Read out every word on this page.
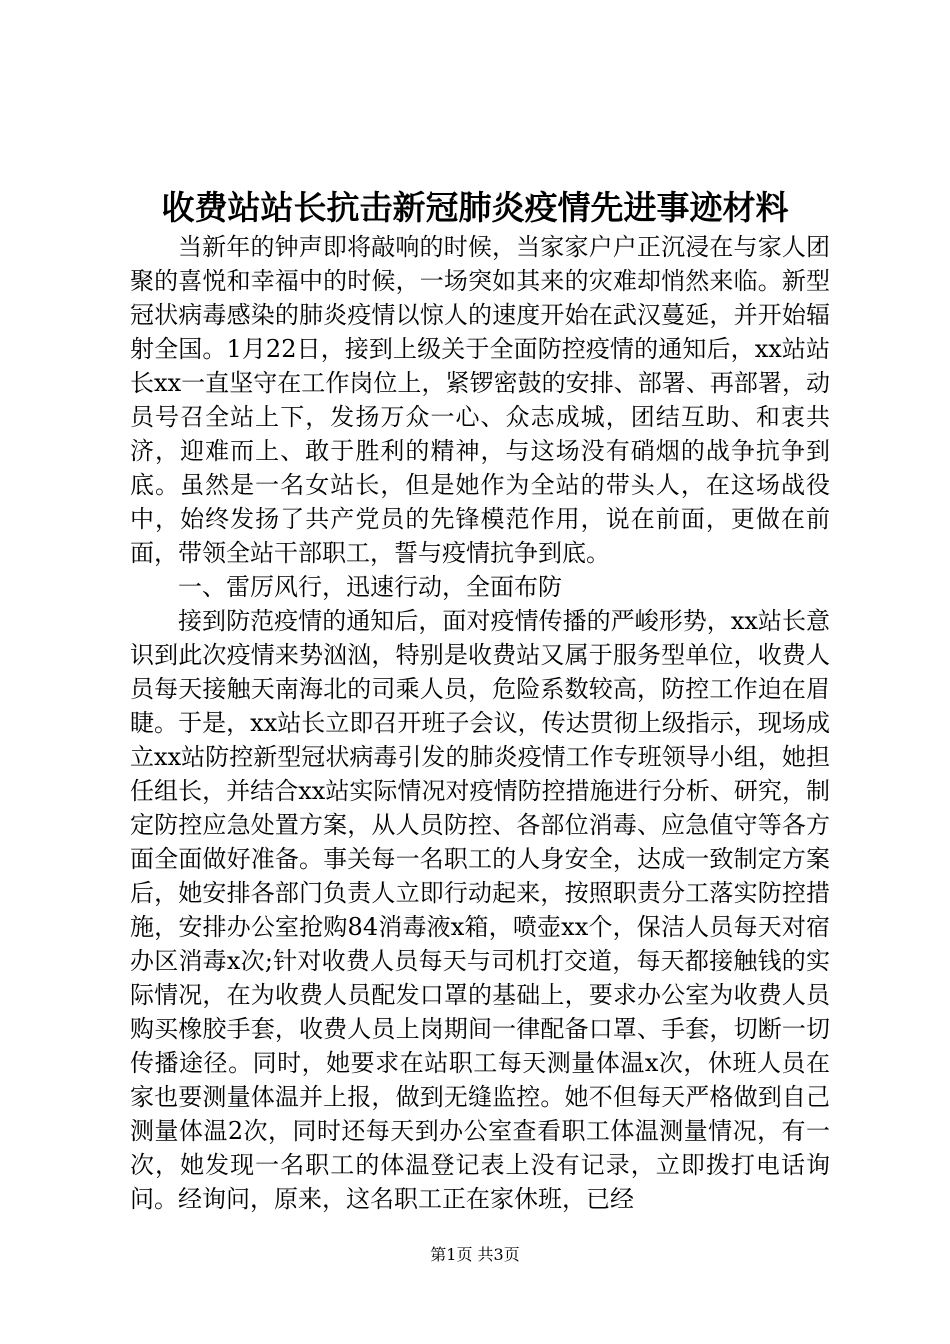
收费站站长抗击新冠肺炎疫情先进事迹材料

当新年的钟声即将敲响的时候，当家家户户正沉浸在与家人团聚的喜悦和幸福中的时候，一场突如其来的灾难却悄然来临。新型冠状病毒感染的肺炎疫情以惊人的速度开始在武汉蔓延，并开始辐射全国。1月22日，接到上级关于全面防控疫情的通知后，xx站站长xx一直坚守在工作岗位上，紧锣密鼓的安排、部署、再部署，动员号召全站上下，发扬万众一心、众志成城，团结互助、和衷共济，迎难而上、敢于胜利的精神，与这场没有硝烟的战争抗争到底。虽然是一名女站长，但是她作为全站的带头人，在这场战役中，始终发扬了共产党员的先锋模范作用，说在前面，更做在前面，带领全站干部职工，誓与疫情抗争到底。

一、雷厉风行，迅速行动，全面布防

接到防范疫情的通知后，面对疫情传播的严峻形势，xx站长意识到此次疫情来势汹汹，特别是收费站又属于服务型单位，收费人员每天接触天南海北的司乘人员，危险系数较高，防控工作迫在眉睫。于是，xx站长立即召开班子会议，传达贯彻上级指示，现场成立xx站防控新型冠状病毒引发的肺炎疫情工作专班领导小组，她担任组长，并结合xx站实际情况对疫情防控措施进行分析、研究，制定防控应急处置方案，从人员防控、各部位消毒、应急值守等各方面全面做好准备。事关每一名职工的人身安全，达成一致制定方案后，她安排各部门负责人立即行动起来，按照职责分工落实防控措施，安排办公室抢购84消毒液x箱，喷壶xx个，保洁人员每天对宿办区消毒x次;针对收费人员每天与司机打交道，每天都接触钱的实际情况，在为收费人员配发口罩的基础上，要求办公室为收费人员购买橡胶手套，收费人员上岗期间一律配备口罩、手套，切断一切传播途径。同时，她要求在站职工每天测量体温x次，休班人员在家也要测量体温并上报，做到无缝监控。她不但每天严格做到自己测量体温2次，同时还每天到办公室查看职工体温测量情况，有一次，她发现一名职工的体温登记表上没有记录，立即拨打电话询问。经询问，原来，这名职工正在家休班，已经

第1页 共3页
